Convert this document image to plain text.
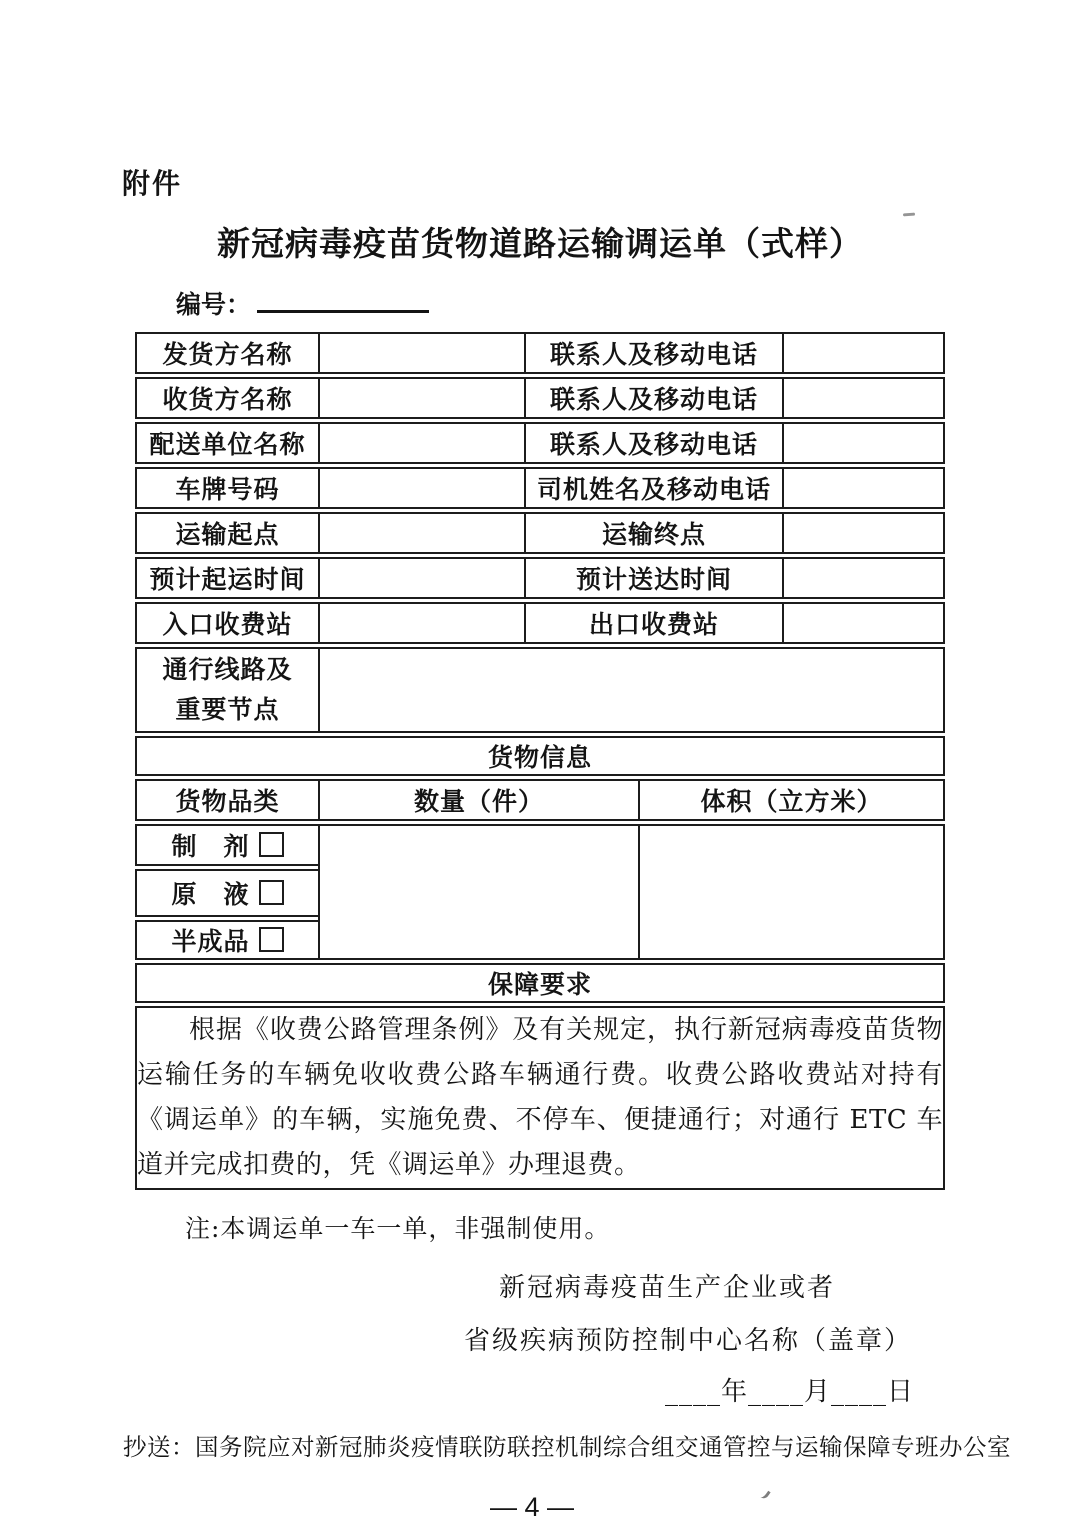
附件
新冠病毒疫苗货物道路运输调运单（式样）
编号：
发货方名称		联系人及移动电话		
收货方名称		联系人及移动电话		
配送单位名称		联系人及移动电话		
车牌号码		司机姓名及移动电话		
运输起点		运输终点		
预计起运时间		预计送达时间		
入口收费站		出口收费站		

通行线路及
重要节点				

货物信息				
货物品类	数量（件）		体积（立方米）	
制　剂				
原　液				
半成品				
保障要求				
根据《收费公路管理条例》及有关规定，执行新冠病毒疫苗货物运输任务的车辆免收收费公路车辆通行费。收费公路收费站对持有《调运单》的车辆，实施免费、不停车、便捷通行；对通行 ETC 车道并完成扣费的，凭《调运单》办理退费。				
注:本调运单一车一单，非强制使用。
新冠病毒疫苗生产企业或者
省级疾病预防控制中心名称（盖章）
____年____月____日
抄送：国务院应对新冠肺炎疫情联防联控机制综合组交通管控与运输保障专班办公室
— 4 —
